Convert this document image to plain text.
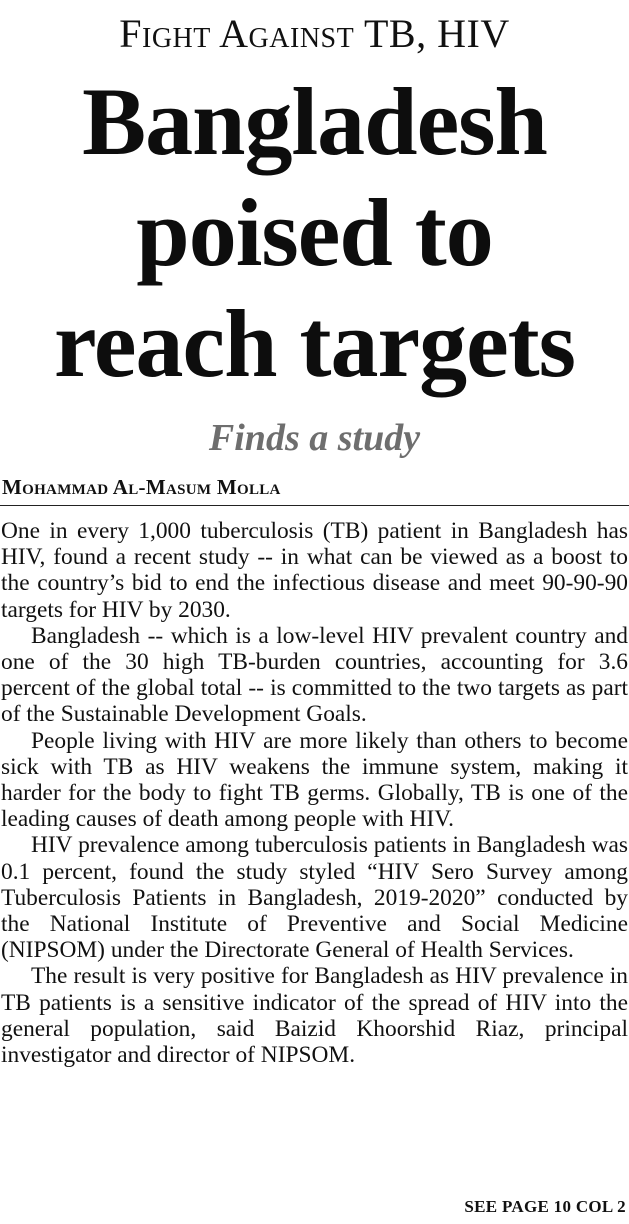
Fight Against TB, HIV
Bangladesh
poised to
reach targets
Finds a study
Mohammad Al-Masum Molla

One in every 1,000 tuberculosis (TB) patient in Bangladesh has HIV, found a recent study -- in what can be viewed as a boost to the country’s bid to end the infectious disease and meet 90-90-90 targets for HIV by 2030.

Bangladesh -- which is a low-level HIV prevalent country and one of the 30 high TB-burden countries, accounting for 3.6 percent of the global total -- is committed to the two targets as part of the Sustainable Development Goals.

People living with HIV are more likely than others to become sick with TB as HIV weakens the immune system, making it harder for the body to fight TB germs. Globally, TB is one of the leading causes of death among people with HIV.

HIV prevalence among tuberculosis patients in Bangladesh was 0.1 percent, found the study styled “HIV Sero Survey among Tuberculosis Patients in Bangladesh, 2019-2020” conducted by the National Institute of Preventive and Social Medicine (NIPSOM) under the Directorate General of Health Services.

The result is very positive for Bangladesh as HIV prevalence in TB patients is a sensitive indicator of the spread of HIV into the general population, said Baizid Khoorshid Riaz, principal investigator and director of NIPSOM.

SEE PAGE 10 COL 2
